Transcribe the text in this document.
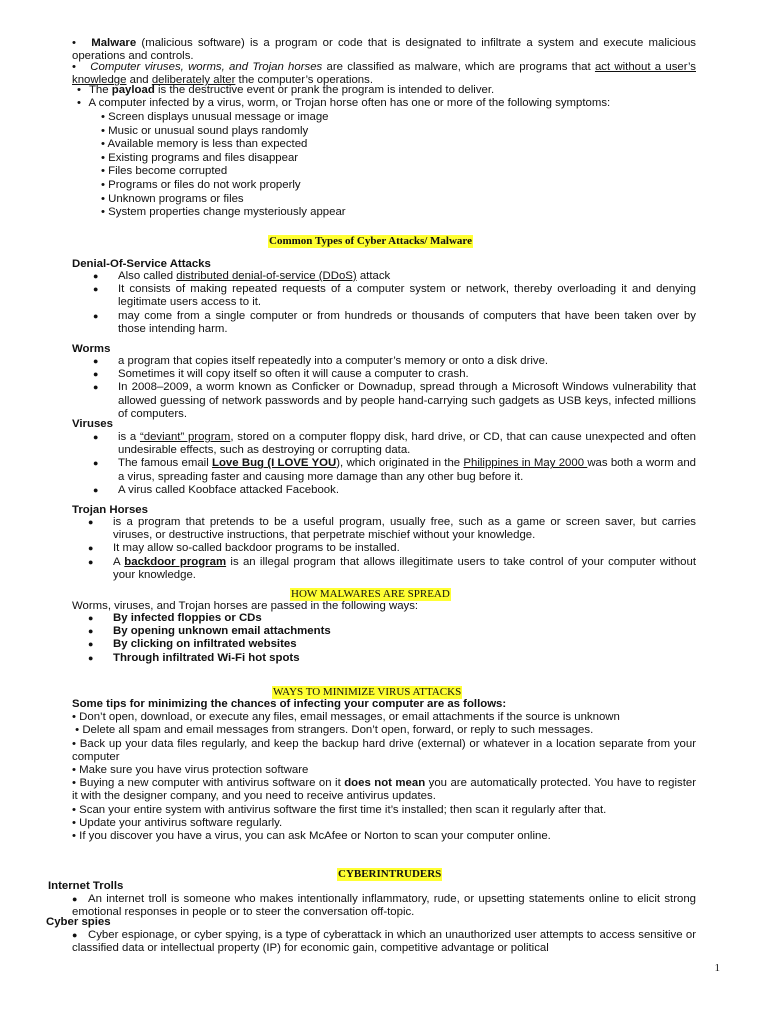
• Malware (malicious software) is a program or code that is designated to infiltrate a system and execute malicious operations and controls.
• Computer viruses, worms, and Trojan horses are classified as malware, which are programs that act without a user’s knowledge and deliberately alter the computer’s operations.
• The payload is the destructive event or prank the program is intended to deliver.
• A computer infected by a virus, worm, or Trojan horse often has one or more of the following symptoms:
• Screen displays unusual message or image
• Music or unusual sound plays randomly
• Available memory is less than expected
• Existing programs and files disappear
• Files become corrupted
• Programs or files do not work properly
• Unknown programs or files
• System properties change mysteriously appear
Common Types of Cyber Attacks/ Malware
Denial-Of-Service Attacks
● Also called distributed denial-of-service (DDoS) attack
● It consists of making repeated requests of a computer system or network, thereby overloading it and denying legitimate users access to it.
● may come from a single computer or from hundreds or thousands of computers that have been taken over by those intending harm.
Worms
● a program that copies itself repeatedly into a computer’s memory or onto a disk drive.
● Sometimes it will copy itself so often it will cause a computer to crash.
● In 2008–2009, a worm known as Conficker or Downadup, spread through a Microsoft Windows vulnerability that allowed guessing of network passwords and by people hand-carrying such gadgets as USB keys, infected millions of computers.
Viruses
● is a “deviant” program, stored on a computer floppy disk, hard drive, or CD, that can cause unexpected and often undesirable effects, such as destroying or corrupting data.
● The famous email Love Bug (I LOVE YOU), which originated in the Philippines in May 2000 was both a worm and a virus, spreading faster and causing more damage than any other bug before it.
● A virus called Koobface attacked Facebook.
Trojan Horses
● is a program that pretends to be a useful program, usually free, such as a game or screen saver, but carries viruses, or destructive instructions, that perpetrate mischief without your knowledge.
● It may allow so-called backdoor programs to be installed.
● A backdoor program is an illegal program that allows illegitimate users to take control of your computer without your knowledge.
HOW MALWARES ARE SPREAD
Worms, viruses, and Trojan horses are passed in the following ways:
● By infected floppies or CDs
● By opening unknown email attachments
● By clicking on infiltrated websites
● Through infiltrated Wi-Fi hot spots
WAYS TO MINIMIZE VIRUS ATTACKS
Some tips for minimizing the chances of infecting your computer are as follows:
• Don’t open, download, or execute any files, email messages, or email attachments if the source is unknown
• Delete all spam and email messages from strangers. Don’t open, forward, or reply to such messages.
• Back up your data files regularly, and keep the backup hard drive (external) or whatever in a location separate from your computer
• Make sure you have virus protection software
• Buying a new computer with antivirus software on it does not mean you are automatically protected. You have to register it with the designer company, and you need to receive antivirus updates.
• Scan your entire system with antivirus software the first time it’s installed; then scan it regularly after that.
• Update your antivirus software regularly.
• If you discover you have a virus, you can ask McAfee or Norton to scan your computer online.
CYBERINTRUDERS
Internet Trolls
● An internet troll is someone who makes intentionally inflammatory, rude, or upsetting statements online to elicit strong emotional responses in people or to steer the conversation off-topic.
Cyber spies
● Cyber espionage, or cyber spying, is a type of cyberattack in which an unauthorized user attempts to access sensitive or classified data or intellectual property (IP) for economic gain, competitive advantage or political
1
